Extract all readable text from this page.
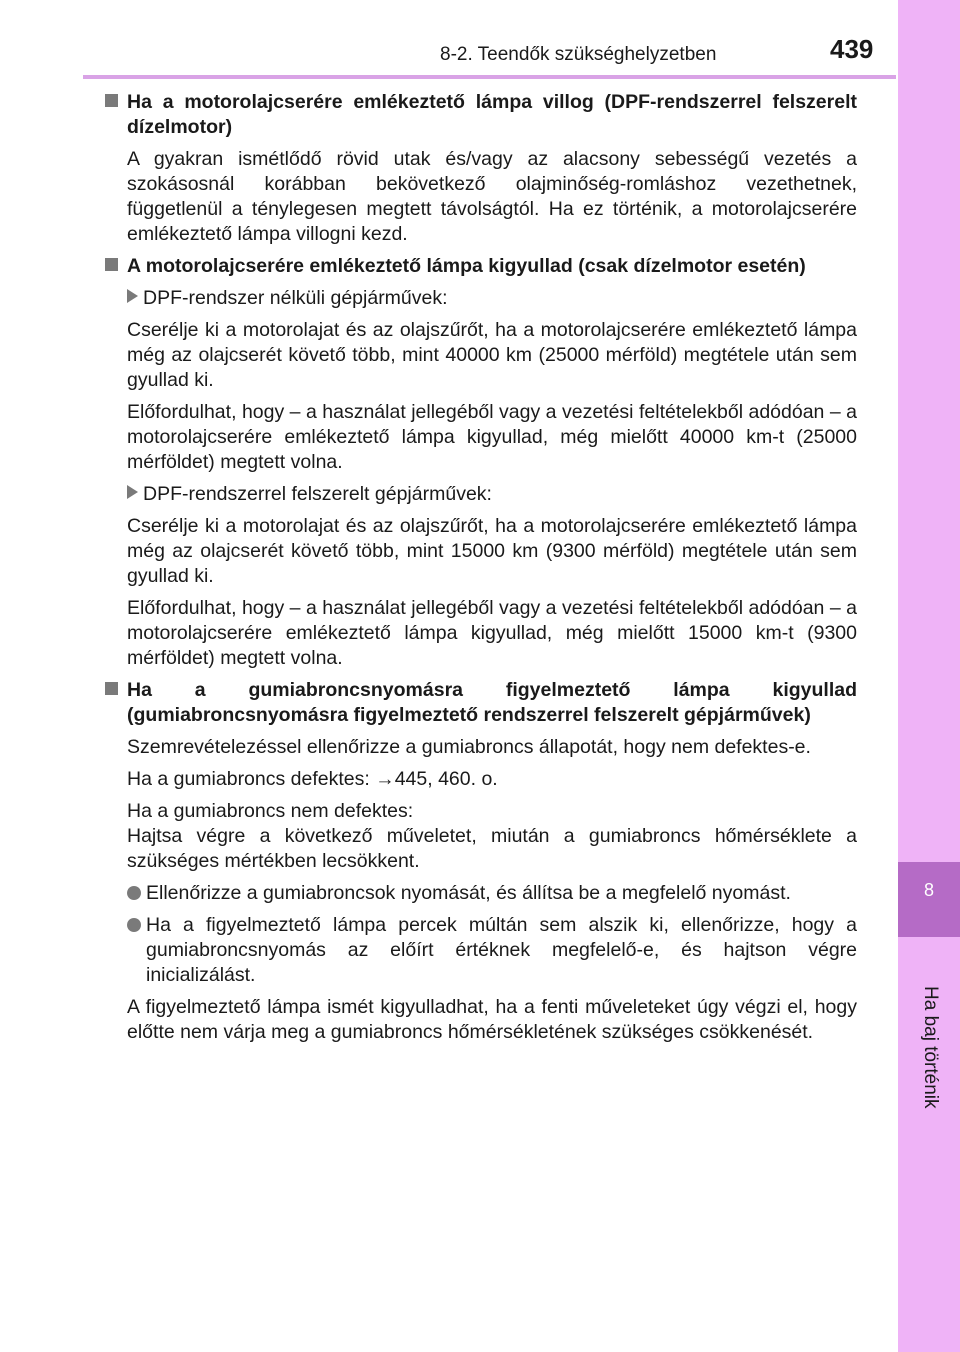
8
Ha baj történik
8-2. Teendők szükséghelyzetben	439
Ha a motorolajcserére emlékeztető lámpa villog (DPF-rendszerrel felszerelt dízelmotor)

A gyakran ismétlődő rövid utak és/vagy az alacsony sebességű vezetés a szokásosnál korábban bekövetkező olajminőség-romláshoz vezethetnek, függetlenül a ténylegesen megtett távolságtól. Ha ez történik, a motorolajcserére emlékeztető lámpa villogni kezd.

A motorolajcserére emlékeztető lámpa kigyullad (csak dízelmotor esetén)
DPF-rendszer nélküli gépjárművek:

Cserélje ki a motorolajat és az olajszűrőt, ha a motorolajcserére emlékeztető lámpa még az olajcserét követő több, mint 40000 km (25000 mérföld) megtétele után sem gyullad ki.

Előfordulhat, hogy – a használat jellegéből vagy a vezetési feltételekből adódóan – a motorolajcserére emlékeztető lámpa kigyullad, még mielőtt 40000 km-t (25000 mérföldet) megtett volna.

DPF-rendszerrel felszerelt gépjárművek:

Cserélje ki a motorolajat és az olajszűrőt, ha a motorolajcserére emlékeztető lámpa még az olajcserét követő több, mint 15000 km (9300 mérföld) megtétele után sem gyullad ki.

Előfordulhat, hogy – a használat jellegéből vagy a vezetési feltételekből adódóan – a motorolajcserére emlékeztető lámpa kigyullad, még mielőtt 15000 km-t (9300 mérföldet) megtett volna.

Ha a gumiabroncsnyomásra figyelmeztető lámpa kigyullad (gumiabroncsnyomásra figyelmeztető rendszerrel felszerelt gépjárművek)

Szemrevételezéssel ellenőrizze a gumiabroncs állapotát, hogy nem defektes-e.

Ha a gumiabroncs defektes: →445, 460. o.

Ha a gumiabroncs nem defektes:
Hajtsa végre a következő műveletet, miután a gumiabroncs hőmérséklete a szükséges mértékben lecsökkent.

Ellenőrizze a gumiabroncsok nyomását, és állítsa be a megfelelő nyomást.
Ha a figyelmeztető lámpa percek múltán sem alszik ki, ellenőrizze, hogy a gumiabroncsnyomás az előírt értéknek megfelelő-e, és hajtson végre inicializálást.

A figyelmeztető lámpa ismét kigyulladhat, ha a fenti műveleteket úgy végzi el, hogy előtte nem várja meg a gumiabroncs hőmérsékletének szükséges csökkenését.
